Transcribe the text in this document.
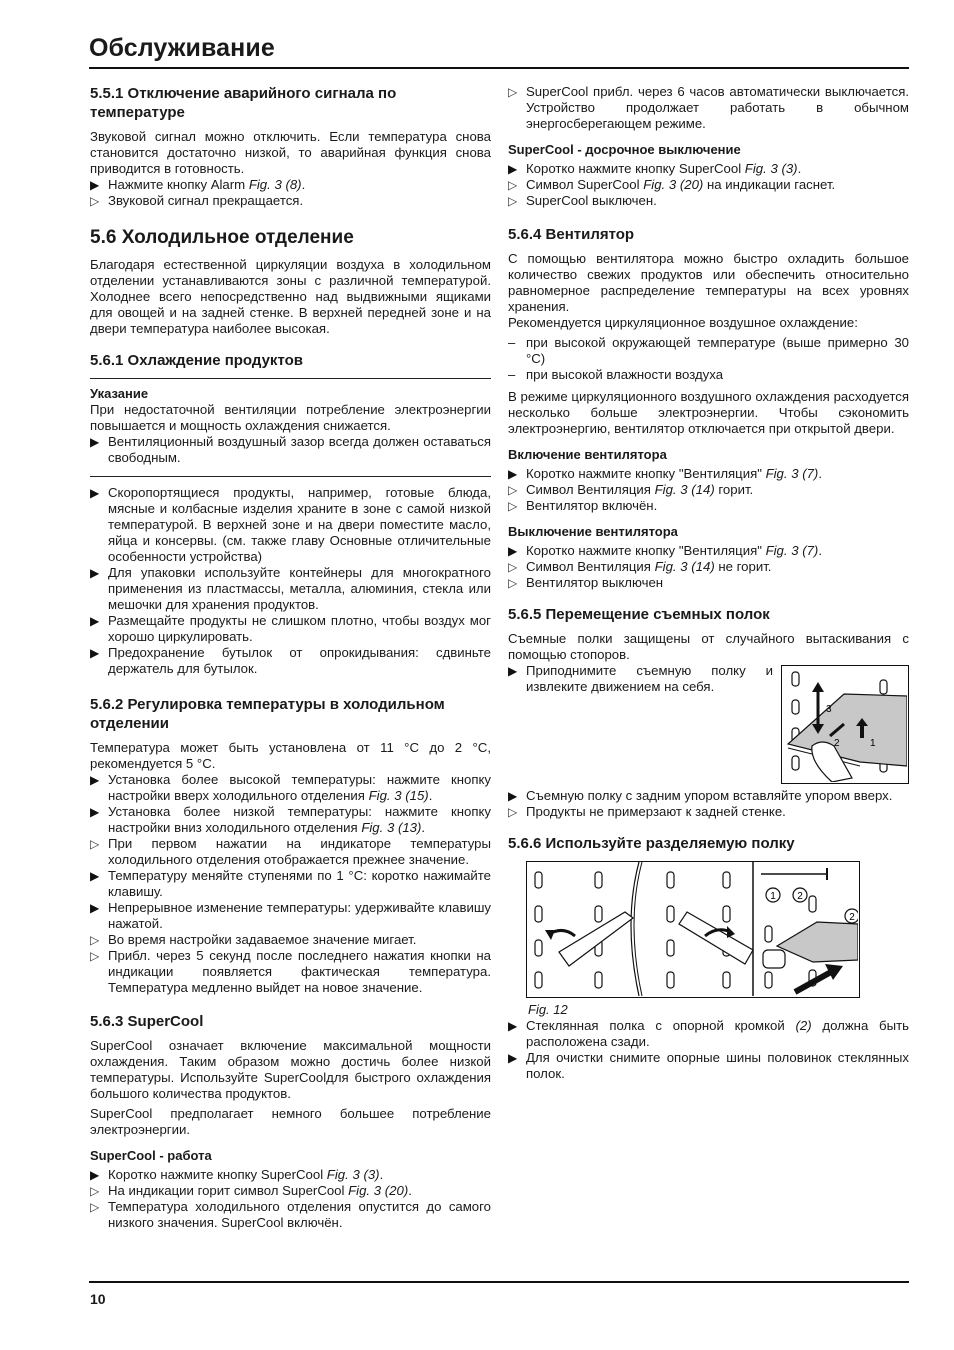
Обслуживание
5.5.1 Отключение аварийного сигнала по температуре

Звуковой сигнал можно отключить. Если температура снова становится достаточно низкой, то аварийная функция снова приводится в готовность.

▶
Нажмите кнопку Alarm Fig. 3 (8).
▷
Звуковой сигнал прекращается.
5.6 Холодильное отделение

Благодаря естественной циркуляции воздуха в холодильном отделении устанавливаются зоны с различной температурой. Холоднее всего непосредственно над выдвижными ящиками для овощей и на задней стенке. В верхней передней зоне и на двери температура наиболее высокая.

5.6.1 Охлаждение продуктов
Указание

При недостаточной вентиляции потребление электроэнергии повышается и мощность охлаждения снижается.

▶
Вентиляционный воздушный зазор всегда должен оставаться свободным.
▶
Скоропортящиеся продукты, например, готовые блюда, мясные и колбасные изделия храните в зоне с самой низкой температурой. В верхней зоне и на двери поместите масло, яйца и консервы. (см. также главу Основные отличительные особенности устройства)
▶
Для упаковки используйте контейнеры для многократного применения из пластмассы, металла, алюминия, стекла или мешочки для хранения продуктов.
▶
Размещайте продукты не слишком плотно, чтобы воздух мог хорошо циркулировать.
▶
Предохранение бутылок от опрокидывания: сдвиньте держатель для бутылок.
5.6.2 Регулировка температуры в холодильном отделении

Температура может быть установлена от 11 °C до 2 °C, рекомендуется 5 °C.

▶
Установка более высокой температуры: нажмите кнопку настройки вверх холодильного отделения Fig. 3 (15).
▶
Установка более низкой температуры: нажмите кнопку настройки вниз холодильного отделения Fig. 3 (13).
▷
При первом нажатии на индикаторе температуры холодильного отделения отображается прежнее значение.
▶
Температуру меняйте ступенями по 1 °C: коротко нажимайте клавишу.
▶
Непрерывное изменение температуры: удерживайте клавишу нажатой.
▷
Во время настройки задаваемое значение мигает.
▷
Прибл. через 5 секунд после последнего нажатия кнопки на индикации появляется фактическая температура. Температура медленно выйдет на новое значение.
5.6.3 SuperCool

SuperCool означает включение максимальной мощности охлаждения. Таким образом можно достичь более низкой температуры. Используйте SuperCoolдля быстрого охлаждения большого количества продуктов.

SuperCool предполагает немного большее потребление электроэнергии.

SuperCool - работа
▶
Коротко нажмите кнопку SuperCool Fig. 3 (3).
▷
На индикации горит символ SuperCool Fig. 3 (20).
▷
Температура холодильного отделения опустится до самого низкого значения. SuperCool включён.
▷
SuperCool прибл. через 6 часов автоматически выключается. Устройство продолжает работать в обычном энергосберегающем режиме.
SuperCool - досрочное выключение
▶
Коротко нажмите кнопку SuperCool Fig. 3 (3).
▷
Символ SuperCool Fig. 3 (20) на индикации гаснет.
▷
SuperCool выключен.
5.6.4 Вентилятор

С помощью вентилятора можно быстро охладить большое количество свежих продуктов или обеспечить относительно равномерное распределение температуры на всех уровнях хранения.

Рекомендуется циркуляционное воздушное охлаждение:

–
при высокой окружающей температуре (выше примерно 30 °C)
–
при высокой влажности воздуха

В режиме циркуляционного воздушного охлаждения расходуется несколько больше электроэнергии. Чтобы сэкономить электроэнергию, вентилятор отключается при открытой двери.

Включение вентилятора
▶
Коротко нажмите кнопку "Вентиляция" Fig. 3 (7).
▷
Символ Вентиляция Fig. 3 (14) горит.
▷
Вентилятор включён.
Выключение вентилятора
▶
Коротко нажмите кнопку "Вентиляция" Fig. 3 (7).
▷
Символ Вентиляция Fig. 3 (14) не горит.
▷
Вентилятор выключен
5.6.5 Перемещение съемных полок

Съемные полки защищены от случайного вытаскивания с помощью стопоров.

▶
Приподнимите съемную полку и извлеките движением на себя.
3
2	1
▶
Съемную полку с задним упором вставляйте упором вверх.
▷
Продукты не примерзают к задней стенке.
5.6.6 Используйте разделяемую полку
1 2
2
Fig. 12
▶
Стеклянная полка с опорной кромкой (2) должна быть расположена сзади.
▶
Для очистки снимите опорные шины половинок стеклянных полок.
10
